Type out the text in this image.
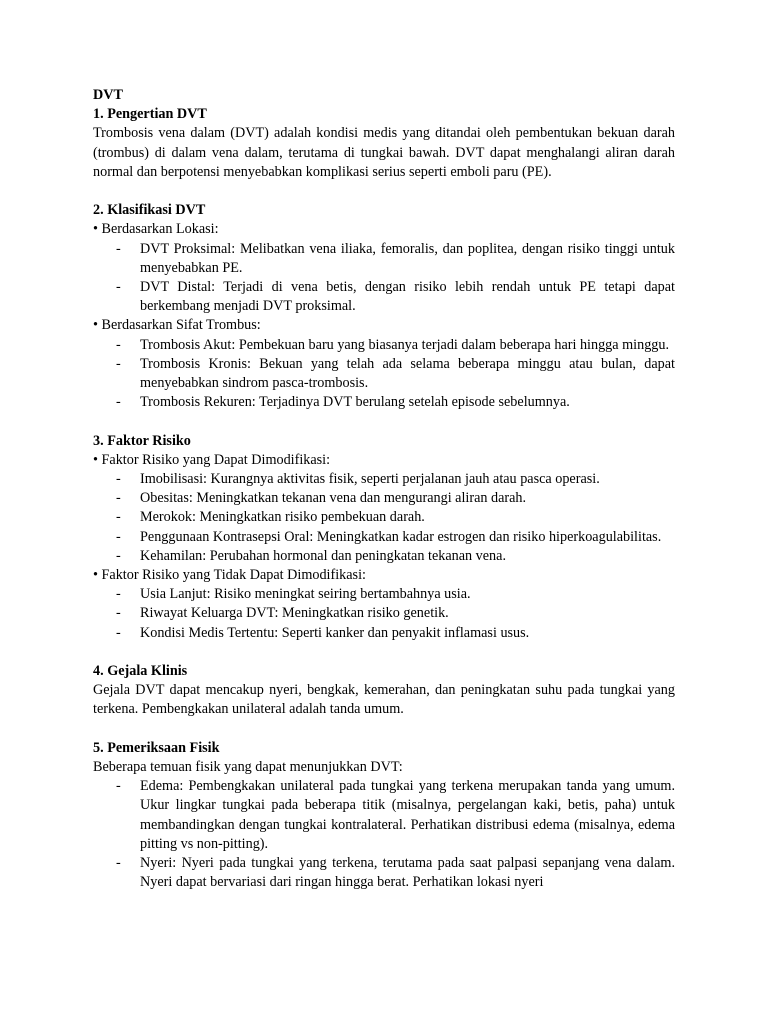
DVT
1. Pengertian DVT
Trombosis vena dalam (DVT) adalah kondisi medis yang ditandai oleh pembentukan bekuan darah (trombus) di dalam vena dalam, terutama di tungkai bawah. DVT dapat menghalangi aliran darah normal dan berpotensi menyebabkan komplikasi serius seperti emboli paru (PE).
2. Klasifikasi DVT
• Berdasarkan Lokasi:
-	DVT Proksimal: Melibatkan vena iliaka, femoralis, dan poplitea, dengan risiko tinggi untuk menyebabkan PE.
-	DVT Distal: Terjadi di vena betis, dengan risiko lebih rendah untuk PE tetapi dapat berkembang menjadi DVT proksimal.
• Berdasarkan Sifat Trombus:
-	Trombosis Akut: Pembekuan baru yang biasanya terjadi dalam beberapa hari hingga minggu.
-	Trombosis Kronis: Bekuan yang telah ada selama beberapa minggu atau bulan, dapat menyebabkan sindrom pasca-trombosis.
-	Trombosis Rekuren: Terjadinya DVT berulang setelah episode sebelumnya.
3. Faktor Risiko
• Faktor Risiko yang Dapat Dimodifikasi:
-	Imobilisasi: Kurangnya aktivitas fisik, seperti perjalanan jauh atau pasca operasi.
-	Obesitas: Meningkatkan tekanan vena dan mengurangi aliran darah.
-	Merokok: Meningkatkan risiko pembekuan darah.
-	Penggunaan Kontrasepsi Oral: Meningkatkan kadar estrogen dan risiko hiperkoagulabilitas.
-	Kehamilan: Perubahan hormonal dan peningkatan tekanan vena.
• Faktor Risiko yang Tidak Dapat Dimodifikasi:
-	Usia Lanjut: Risiko meningkat seiring bertambahnya usia.
-	Riwayat Keluarga DVT: Meningkatkan risiko genetik.
-	Kondisi Medis Tertentu: Seperti kanker dan penyakit inflamasi usus.
4. Gejala Klinis
Gejala DVT dapat mencakup nyeri, bengkak, kemerahan, dan peningkatan suhu pada tungkai yang terkena. Pembengkakan unilateral adalah tanda umum.
5. Pemeriksaan Fisik
Beberapa temuan fisik yang dapat menunjukkan DVT:
-	Edema: Pembengkakan unilateral pada tungkai yang terkena merupakan tanda yang umum. Ukur lingkar tungkai pada beberapa titik (misalnya, pergelangan kaki, betis, paha) untuk membandingkan dengan tungkai kontralateral. Perhatikan distribusi edema (misalnya, edema pitting vs non-pitting).
-	Nyeri: Nyeri pada tungkai yang terkena, terutama pada saat palpasi sepanjang vena dalam. Nyeri dapat bervariasi dari ringan hingga berat. Perhatikan lokasi nyeri
